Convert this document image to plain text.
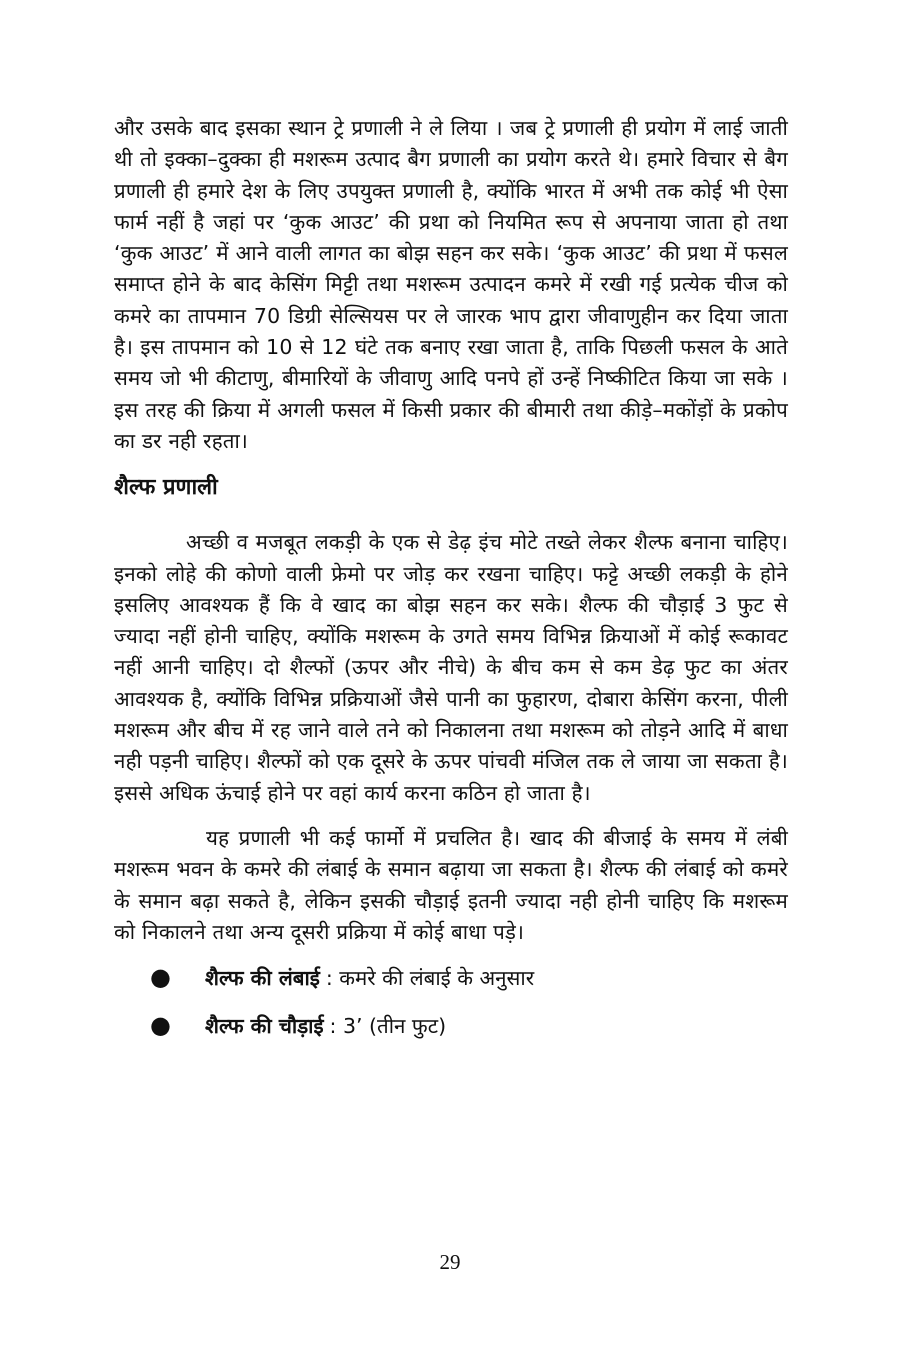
और उसके बाद इसका स्थान ट्रे प्रणाली ने ले लिया । जब ट्रे प्रणाली ही प्रयोग में लाई जाती थी तो इक्का–दुक्का ही मशरूम उत्पाद बैग प्रणाली का प्रयोग करते थे। हमारे विचार से बैग प्रणाली ही हमारे देश के लिए उपयुक्त प्रणाली है, क्योंकि भारत में अभी तक कोई भी ऐसा फार्म नहीं है जहां पर ‘कुक आउट’ की प्रथा को नियमित रूप से अपनाया जाता हो तथा ‘कुक आउट’ में आने वाली लागत का बोझ सहन कर सके। ‘कुक आउट’ की प्रथा में फसल समाप्त होने के बाद केसिंग मिट्टी तथा मशरूम उत्पादन कमरे में रखी गई प्रत्येक चीज को कमरे का तापमान 70 डिग्री सेल्सियस पर ले जारक भाप द्वारा जीवाणुहीन कर दिया जाता है। इस तापमान को 10 से 12 घंटे तक बनाए रखा जाता है, ताकि पिछली फसल के आते समय जो भी कीटाणु, बीमारियों के जीवाणु आदि पनपे हों उन्हें निष्कीटित किया जा सके । इस तरह की क्रिया में अगली फसल में किसी प्रकार की बीमारी तथा कीड़े–मकोंड़ों के प्रकोप का डर नही रहता।

शैल्फ प्रणाली

अच्छी व मजबूत लकड़ी के एक से डेढ़ इंच मोटे तख्ते लेकर शैल्फ बनाना चाहिए। इनको लोहे की कोणो वाली फ्रेमो पर जोड़ कर रखना चाहिए। फट्टे अच्छी लकड़ी के होने इसलिए आवश्यक हैं कि वे खाद का बोझ सहन कर सके। शैल्फ की चौड़ाई 3 फुट से ज्यादा नहीं होनी चाहिए, क्योंकि मशरूम के उगते समय विभिन्न क्रियाओं में कोई रूकावट नहीं आनी चाहिए। दो शैल्फों (ऊपर और नीचे) के बीच कम से कम डेढ़ फुट का अंतर आवश्यक है, क्योंकि विभिन्न प्रक्रियाओं जैसे पानी का फुहारण, दोबारा केसिंग करना, पीली मशरूम और बीच में रह जाने वाले तने को निकालना तथा मशरूम को तोड़ने आदि में बाधा नही पड़नी चाहिए। शैल्फों को एक दूसरे के ऊपर पांचवी मंजिल तक ले जाया जा सकता है। इससे अधिक ऊंचाई होने पर वहां कार्य करना कठिन हो जाता है।

यह प्रणाली भी कई फार्मो में प्रचलित है। खाद की बीजाई के समय में लंबी मशरूम भवन के कमरे की लंबाई के समान बढ़ाया जा सकता है। शैल्फ की लंबाई को कमरे के समान बढ़ा सकते है, लेकिन इसकी चौड़ाई इतनी ज्यादा नही होनी चाहिए कि मशरूम को निकालने तथा अन्य दूसरी प्रक्रिया में कोई बाधा पड़े।

●	शैल्फ की लंबाई : कमरे की लंबाई के अनुसार
●	शैल्फ की चौड़ाई : 3’ (तीन फुट)
29
